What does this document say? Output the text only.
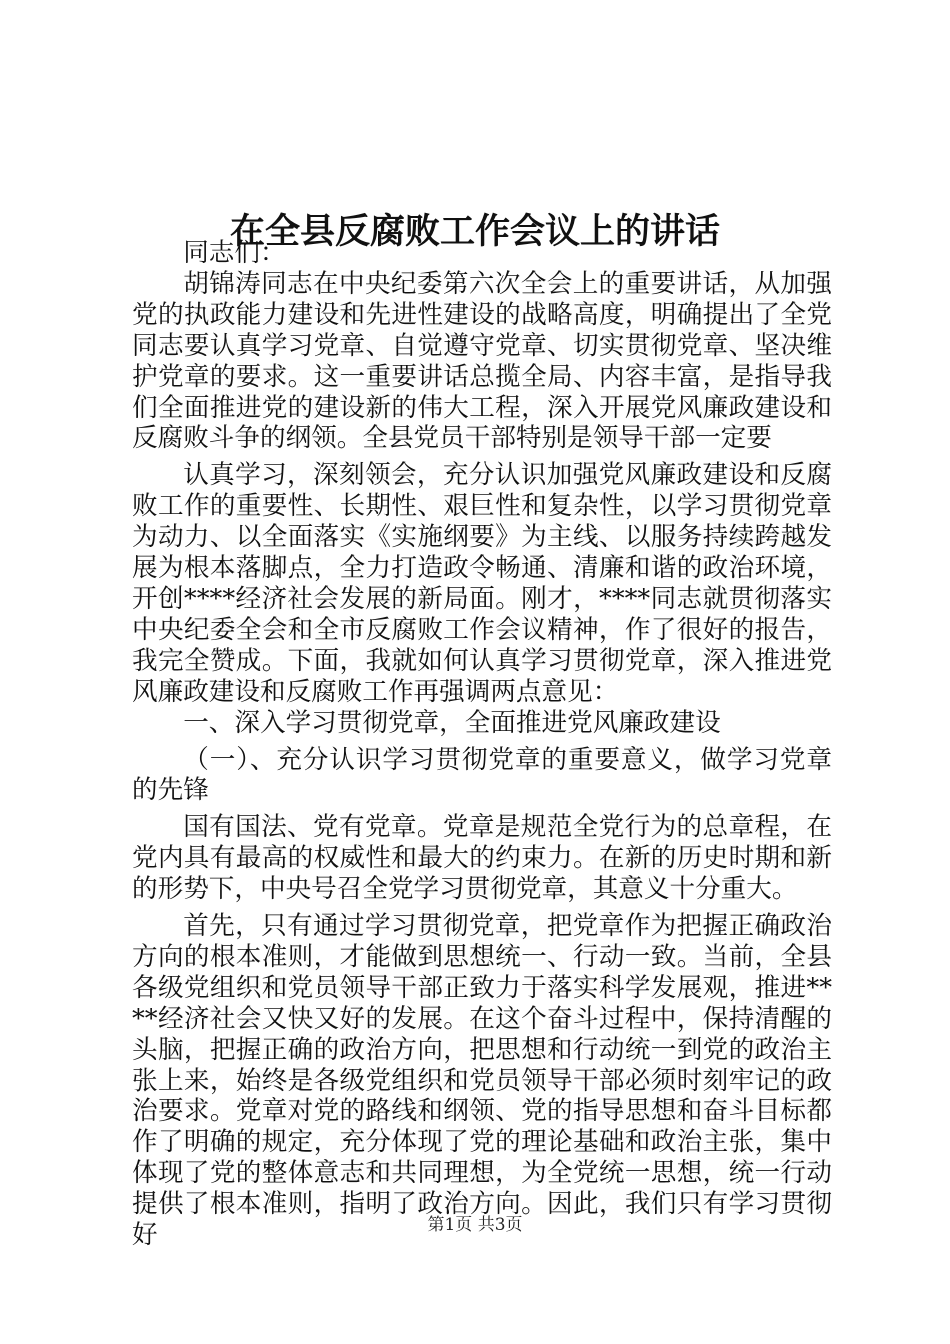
在全县反腐败工作会议上的讲话

同志们：

胡锦涛同志在中央纪委第六次全会上的重要讲话，从加强党的执政能力建设和先进性建设的战略高度，明确提出了全党同志要认真学习党章、自觉遵守党章、切实贯彻党章、坚决维护党章的要求。这一重要讲话总揽全局、内容丰富，是指导我们全面推进党的建设新的伟大工程，深入开展党风廉政建设和反腐败斗争的纲领。全县党员干部特别是领导干部一定要

认真学习，深刻领会，充分认识加强党风廉政建设和反腐败工作的重要性、长期性、艰巨性和复杂性，以学习贯彻党章为动力、以全面落实《实施纲要》为主线、以服务持续跨越发展为根本落脚点，全力打造政令畅通、清廉和谐的政治环境，开创****经济社会发展的新局面。刚才，****同志就贯彻落实中央纪委全会和全市反腐败工作会议精神，作了很好的报告，我完全赞成。下面，我就如何认真学习贯彻党章，深入推进党风廉政建设和反腐败工作再强调两点意见：

一、深入学习贯彻党章，全面推进党风廉政建设

（一）、充分认识学习贯彻党章的重要意义，做学习党章的先锋

国有国法、党有党章。党章是规范全党行为的总章程，在党内具有最高的权威性和最大的约束力。在新的历史时期和新的形势下，中央号召全党学习贯彻党章，其意义十分重大。

首先，只有通过学习贯彻党章，把党章作为把握正确政治方向的根本准则，才能做到思想统一、行动一致。当前，全县各级党组织和党员领导干部正致力于落实科学发展观，推进****经济社会又快又好的发展。在这个奋斗过程中，保持清醒的头脑，把握正确的政治方向，把思想和行动统一到党的政治主张上来，始终是各级党组织和党员领导干部必须时刻牢记的政治要求。党章对党的路线和纲领、党的指导思想和奋斗目标都作了明确的规定，充分体现了党的理论基础和政治主张，集中体现了党的整体意志和共同理想，为全党统一思想，统一行动提供了根本准则，指明了政治方向。因此，我们只有学习贯彻好	第1页 共3页
